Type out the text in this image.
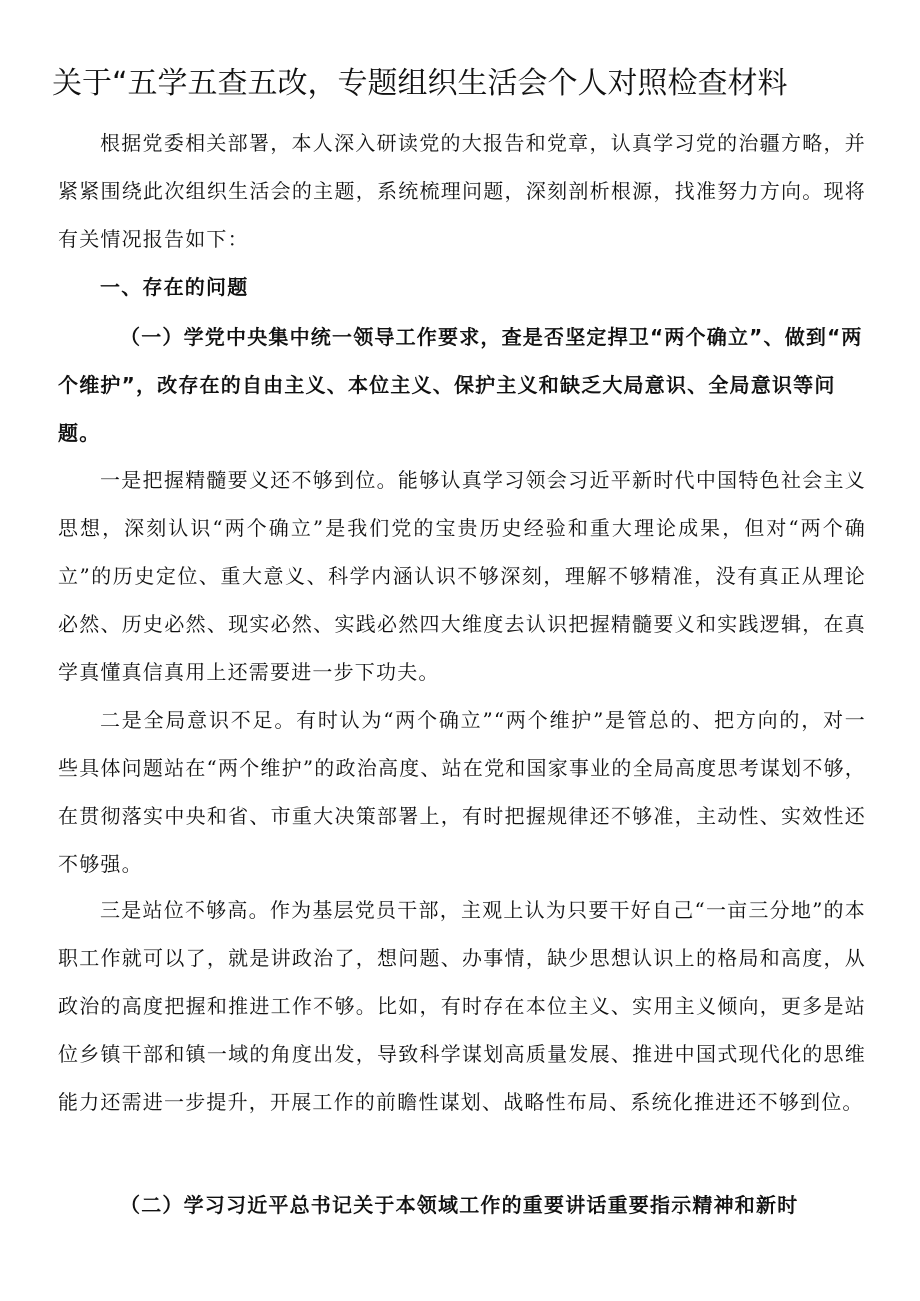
关于“五学五查五改，专题组织生活会个人对照检查材料

根据党委相关部署，本人深入研读党的大报告和党章，认真学习党的治疆方略，并紧紧围绕此次组织生活会的主题，系统梳理问题，深刻剖析根源，找准努力方向。现将有关情况报告如下：

一、存在的问题

（一）学党中央集中统一领导工作要求，查是否坚定捍卫“两个确立”、做到“两个维护”，改存在的自由主义、本位主义、保护主义和缺乏大局意识、全局意识等问题。

一是把握精髓要义还不够到位。能够认真学习领会习近平新时代中国特色社会主义思想，深刻认识“两个确立”是我们党的宝贵历史经验和重大理论成果，但对“两个确立”的历史定位、重大意义、科学内涵认识不够深刻，理解不够精准，没有真正从理论必然、历史必然、现实必然、实践必然四大维度去认识把握精髓要义和实践逻辑，在真学真懂真信真用上还需要进一步下功夫。

二是全局意识不足。有时认为“两个确立”“两个维护”是管总的、把方向的，对一些具体问题站在“两个维护”的政治高度、站在党和国家事业的全局高度思考谋划不够，在贯彻落实中央和省、市重大决策部署上，有时把握规律还不够准，主动性、实效性还不够强。

三是站位不够高。作为基层党员干部，主观上认为只要干好自己“一亩三分地”的本职工作就可以了，就是讲政治了，想问题、办事情，缺少思想认识上的格局和高度，从政治的高度把握和推进工作不够。比如，有时存在本位主义、实用主义倾向，更多是站位乡镇干部和镇一域的角度出发，导致科学谋划高质量发展、推进中国式现代化的思维能力还需进一步提升，开展工作的前瞻性谋划、战略性布局、系统化推进还不够到位。

（二）学习习近平总书记关于本领域工作的重要讲话重要指示精神和新时
